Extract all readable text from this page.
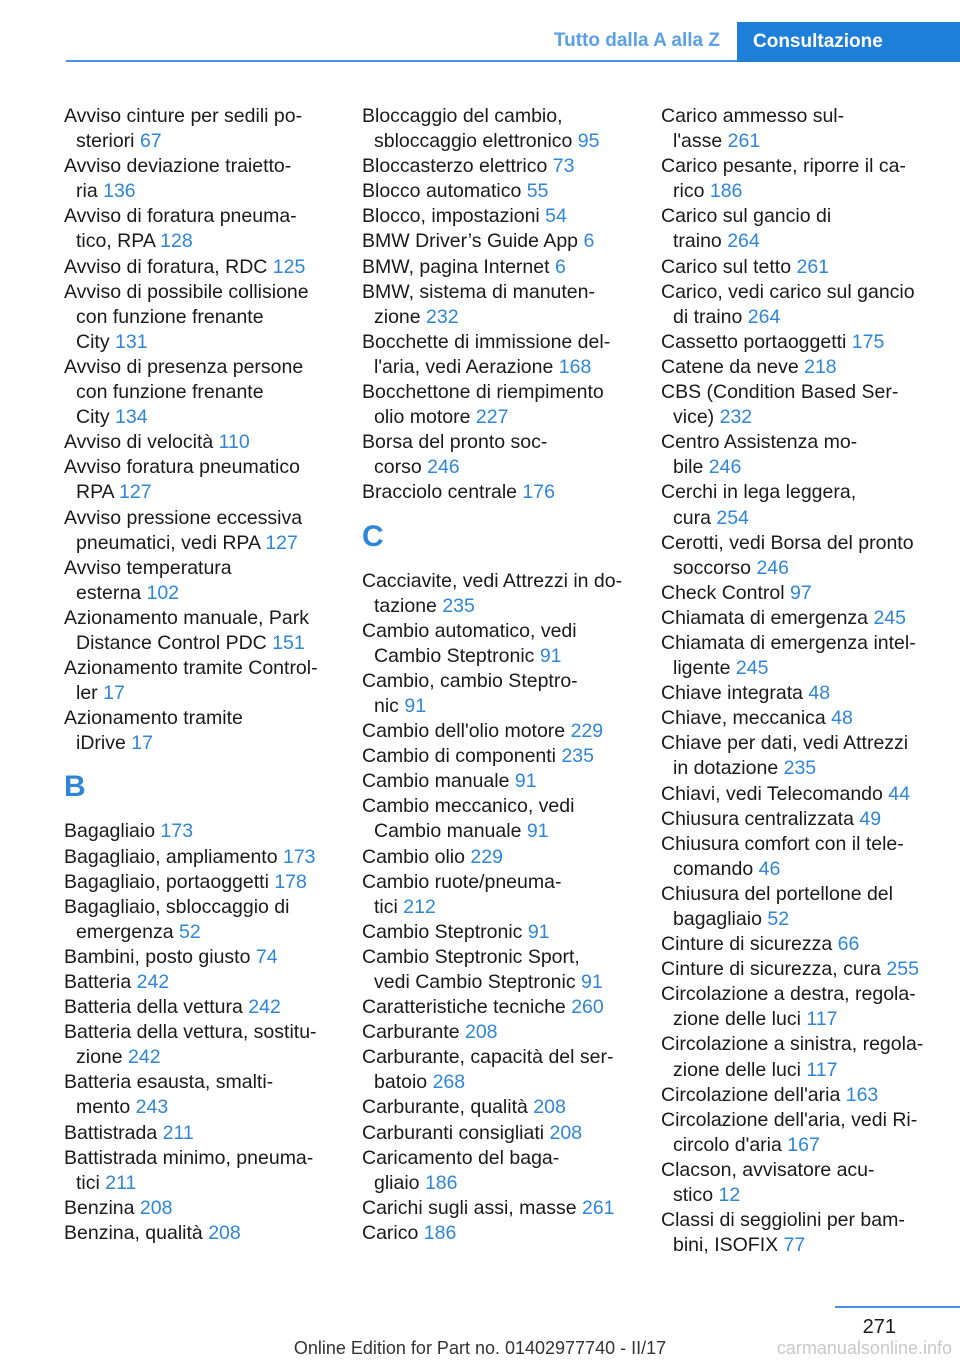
Tutto dalla A alla Z Consultazione
Avviso cinture per sedili po-
steriori 67
Avviso deviazione traietto-
ria 136
Avviso di foratura pneuma-
tico, RPA 128
Avviso di foratura, RDC 125
Avviso di possibile collisione
con funzione frenante
City 131
Avviso di presenza persone
con funzione frenante
City 134
Avviso di velocità 110
Avviso foratura pneumatico
RPA 127
Avviso pressione eccessiva
pneumatici, vedi RPA 127
Avviso temperatura
esterna 102
Azionamento manuale, Park
Distance Control PDC 151
Azionamento tramite Control-
ler 17
Azionamento tramite
iDrive 17
B
Bagagliaio 173
Bagagliaio, ampliamento 173
Bagagliaio, portaoggetti 178
Bagagliaio, sbloccaggio di
emergenza 52
Bambini, posto giusto 74
Batteria 242
Batteria della vettura 242
Batteria della vettura, sostitu-
zione 242
Batteria esausta, smalti-
mento 243
Battistrada 211
Battistrada minimo, pneuma-
tici 211
Benzina 208
Benzina, qualità 208
Bloccaggio del cambio,
sbloccaggio elettronico 95
Bloccasterzo elettrico 73
Blocco automatico 55
Blocco, impostazioni 54
BMW Driver’s Guide App 6
BMW, pagina Internet 6
BMW, sistema di manuten-
zione 232
Bocchette di immissione del-
l'aria, vedi Aerazione 168
Bocchettone di riempimento
olio motore 227
Borsa del pronto soc-
corso 246
Bracciolo centrale 176
C
Cacciavite, vedi Attrezzi in do-
tazione 235
Cambio automatico, vedi
Cambio Steptronic 91
Cambio, cambio Steptro-
nic 91
Cambio dell'olio motore 229
Cambio di componenti 235
Cambio manuale 91
Cambio meccanico, vedi
Cambio manuale 91
Cambio olio 229
Cambio ruote/pneuma-
tici 212
Cambio Steptronic 91
Cambio Steptronic Sport,
vedi Cambio Steptronic 91
Caratteristiche tecniche 260
Carburante 208
Carburante, capacità del ser-
batoio 268
Carburante, qualità 208
Carburanti consigliati 208
Caricamento del baga-
gliaio 186
Carichi sugli assi, masse 261
Carico 186
Carico ammesso sul-
l'asse 261
Carico pesante, riporre il ca-
rico 186
Carico sul gancio di
traino 264
Carico sul tetto 261
Carico, vedi carico sul gancio
di traino 264
Cassetto portaoggetti 175
Catene da neve 218
CBS (Condition Based Ser-
vice) 232
Centro Assistenza mo-
bile 246
Cerchi in lega leggera,
cura 254
Cerotti, vedi Borsa del pronto
soccorso 246
Check Control 97
Chiamata di emergenza 245
Chiamata di emergenza intel-
ligente 245
Chiave integrata 48
Chiave, meccanica 48
Chiave per dati, vedi Attrezzi
in dotazione 235
Chiavi, vedi Telecomando 44
Chiusura centralizzata 49
Chiusura comfort con il tele-
comando 46
Chiusura del portellone del
bagagliaio 52
Cinture di sicurezza 66
Cinture di sicurezza, cura 255
Circolazione a destra, regola-
zione delle luci 117
Circolazione a sinistra, regola-
zione delle luci 117
Circolazione dell'aria 163
Circolazione dell'aria, vedi Ri-
circolo d'aria 167
Clacson, avvisatore acu-
stico 12
Classi di seggiolini per bam-
bini, ISOFIX 77
271
Online Edition for Part no. 01402977740 - II/17	carmanualsonline.info
